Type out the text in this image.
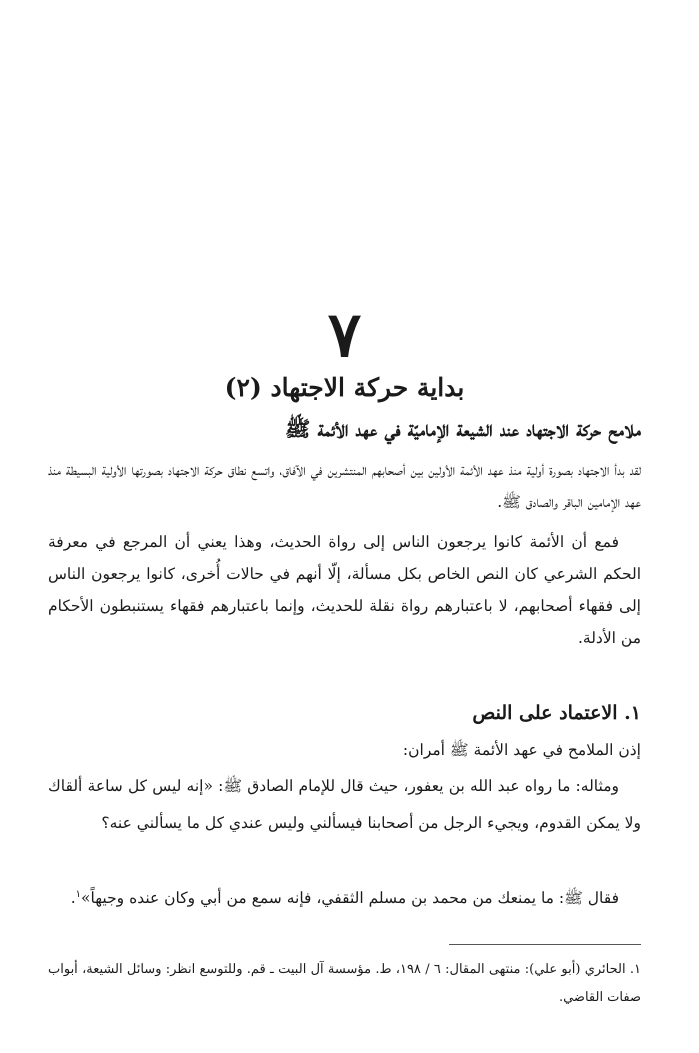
٧
بداية حركة الاجتهاد (٢)
ملامح حركة الاجتهاد عند الشيعة الإماميّة في عهد الأئمة ﷺ

لقد بدأ الاجتهاد بصورة أولية منذ عهد الأئمة الأولين بين أصحابهم المنتشرين في الآفاق، واتسع نطاق حركة الاجتهاد بصورتها الأولية البسيطة منذ عهد الإمامين الباقر والصادق ﷺ.

فمع أن الأئمة كانوا يرجعون الناس إلى رواة الحديث، وهذا يعني أن المرجع في معرفة الحكم الشرعي كان النص الخاص بكل مسألة، إلّا أنهم في حالات أُخرى، كانوا يرجعون الناس إلى فقهاء أصحابهم، لا باعتبارهم رواة نقلة للحديث، وإنما باعتبارهم فقهاء يستنبطون الأحكام من الأدلة.

١. الاعتماد على النص

إذن الملامح في عهد الأئمة ﷺ أمران:

ومثاله: ما رواه عبد الله بن يعفور، حيث قال للإمام الصادق ﷺ: «إنه ليس كل ساعة ألقاك ولا يمكن القدوم، ويجيء الرجل من أصحابنا فيسألني وليس عندي كل ما يسألني عنه؟

فقال ﷺ: ما يمنعك من محمد بن مسلم الثقفي، فإنه سمع من أبي وكان عنده وجيهاً»$^١$.

١. الحائري (أبو علي): منتهى المقال: ٦ / ١٩٨، ط. مؤسسة آل البيت ـ قم. وللتوسع انظر: وسائل الشيعة، أبواب صفات القاضي.
